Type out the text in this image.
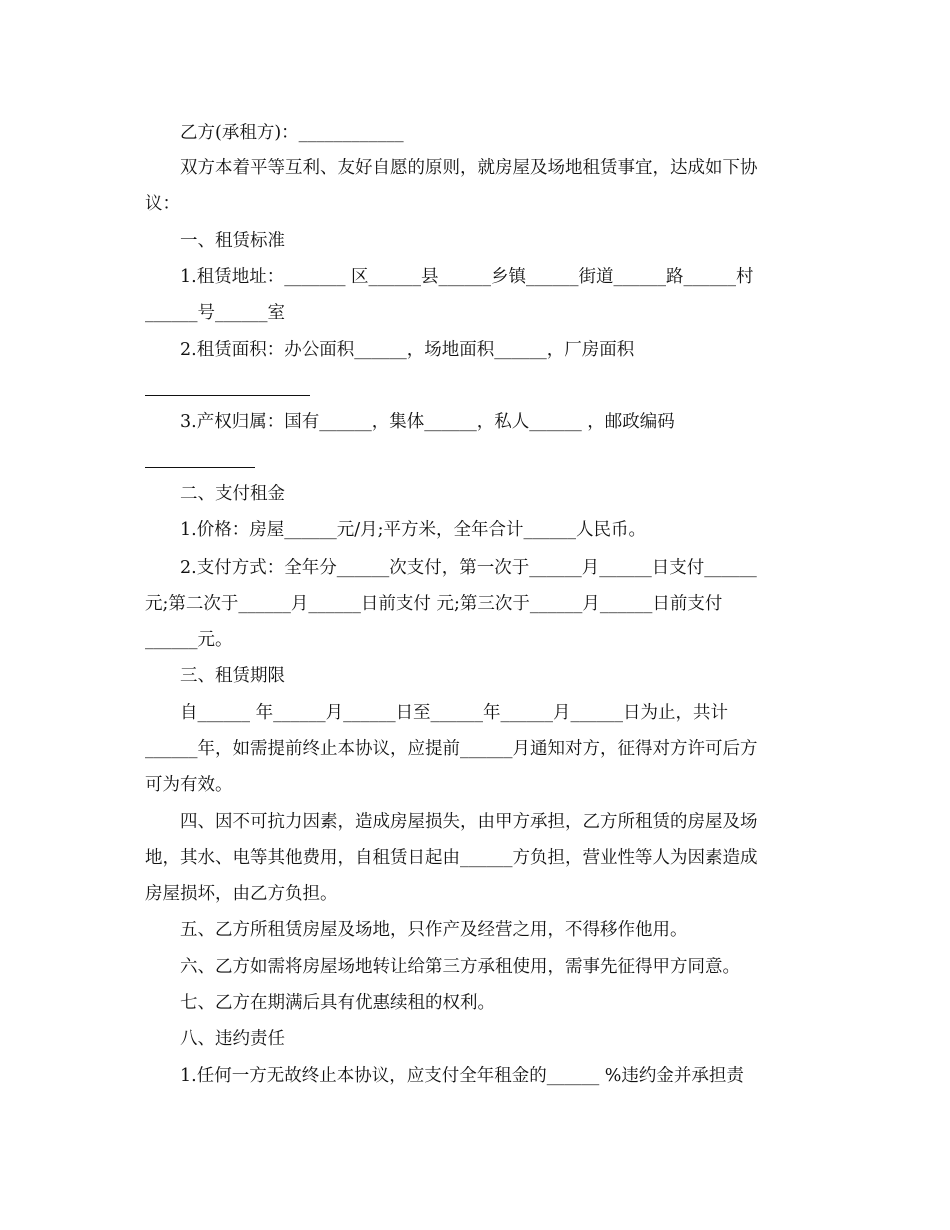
乙方(承租方)：____________
双方本着平等互利、友好自愿的原则，就房屋及场地租赁事宜，达成如下协
议：
一、租赁标准
1.租赁地址：_______ 区______县______乡镇______街道______路______村
______号______室
2.租赁面积：办公面积______，场地面积______，厂房面积
3.产权归属：国有______，集体______，私人______ ，邮政编码
二、支付租金
1.价格：房屋______元/月;平方米，全年合计______人民币。
2.支付方式：全年分______次支付，第一次于______月______日支付______
元;第二次于______月______日前支付 元;第三次于______月______日前支付
______元。
三、租赁期限
自______ 年______月______日至______年______月______日为止，共计
______年，如需提前终止本协议，应提前______月通知对方，征得对方许可后方
可为有效。
四、因不可抗力因素，造成房屋损失，由甲方承担，乙方所租赁的房屋及场
地，其水、电等其他费用，自租赁日起由______方负担，营业性等人为因素造成
房屋损坏，由乙方负担。
五、乙方所租赁房屋及场地，只作产及经营之用，不得移作他用。
六、乙方如需将房屋场地转让给第三方承租使用，需事先征得甲方同意。
七、乙方在期满后具有优惠续租的权利。
八、违约责任
1.任何一方无故终止本协议，应支付全年租金的______ %违约金并承担责
